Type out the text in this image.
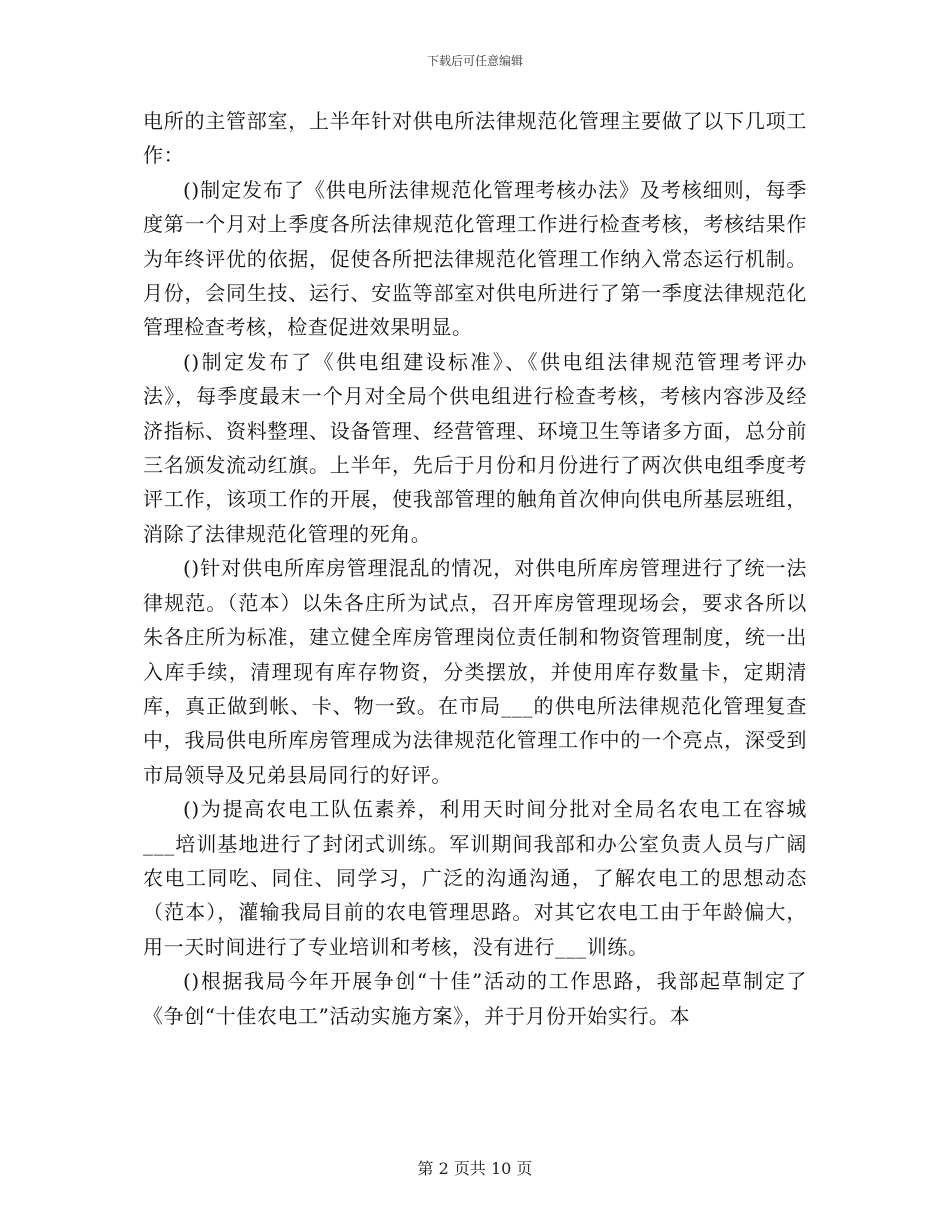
下载后可任意编辑

电所的主管部室，上半年针对供电所法律规范化管理主要做了以下几项工作：

()制定发布了《供电所法律规范化管理考核办法》及考核细则，每季度第一个月对上季度各所法律规范化管理工作进行检查考核，考核结果作为年终评优的依据，促使各所把法律规范化管理工作纳入常态运行机制。月份，会同生技、运行、安监等部室对供电所进行了第一季度法律规范化管理检查考核，检查促进效果明显。

()制定发布了《供电组建设标准》、《供电组法律规范管理考评办法》，每季度最末一个月对全局个供电组进行检查考核，考核内容涉及经济指标、资料整理、设备管理、经营管理、环境卫生等诸多方面，总分前三名颁发流动红旗。上半年，先后于月份和月份进行了两次供电组季度考评工作，该项工作的开展，使我部管理的触角首次伸向供电所基层班组，消除了法律规范化管理的死角。

()针对供电所库房管理混乱的情况，对供电所库房管理进行了统一法律规范。（范本）以朱各庄所为试点，召开库房管理现场会，要求各所以朱各庄所为标准，建立健全库房管理岗位责任制和物资管理制度，统一出入库手续，清理现有库存物资，分类摆放，并使用库存数量卡，定期清库，真正做到帐、卡、物一致。在市局___的供电所法律规范化管理复查中，我局供电所库房管理成为法律规范化管理工作中的一个亮点，深受到市局领导及兄弟县局同行的好评。

()为提高农电工队伍素养，利用天时间分批对全局名农电工在容城___培训基地进行了封闭式训练。军训期间我部和办公室负责人员与广阔农电工同吃、同住、同学习，广泛的沟通沟通，了解农电工的思想动态（范本），灌输我局目前的农电管理思路。对其它农电工由于年龄偏大，用一天时间进行了专业培训和考核，没有进行___训练。

()根据我局今年开展争创“十佳”活动的工作思路，我部起草制定了《争创“十佳农电工”活动实施方案》，并于月份开始实行。本

第 2 页共 10 页
